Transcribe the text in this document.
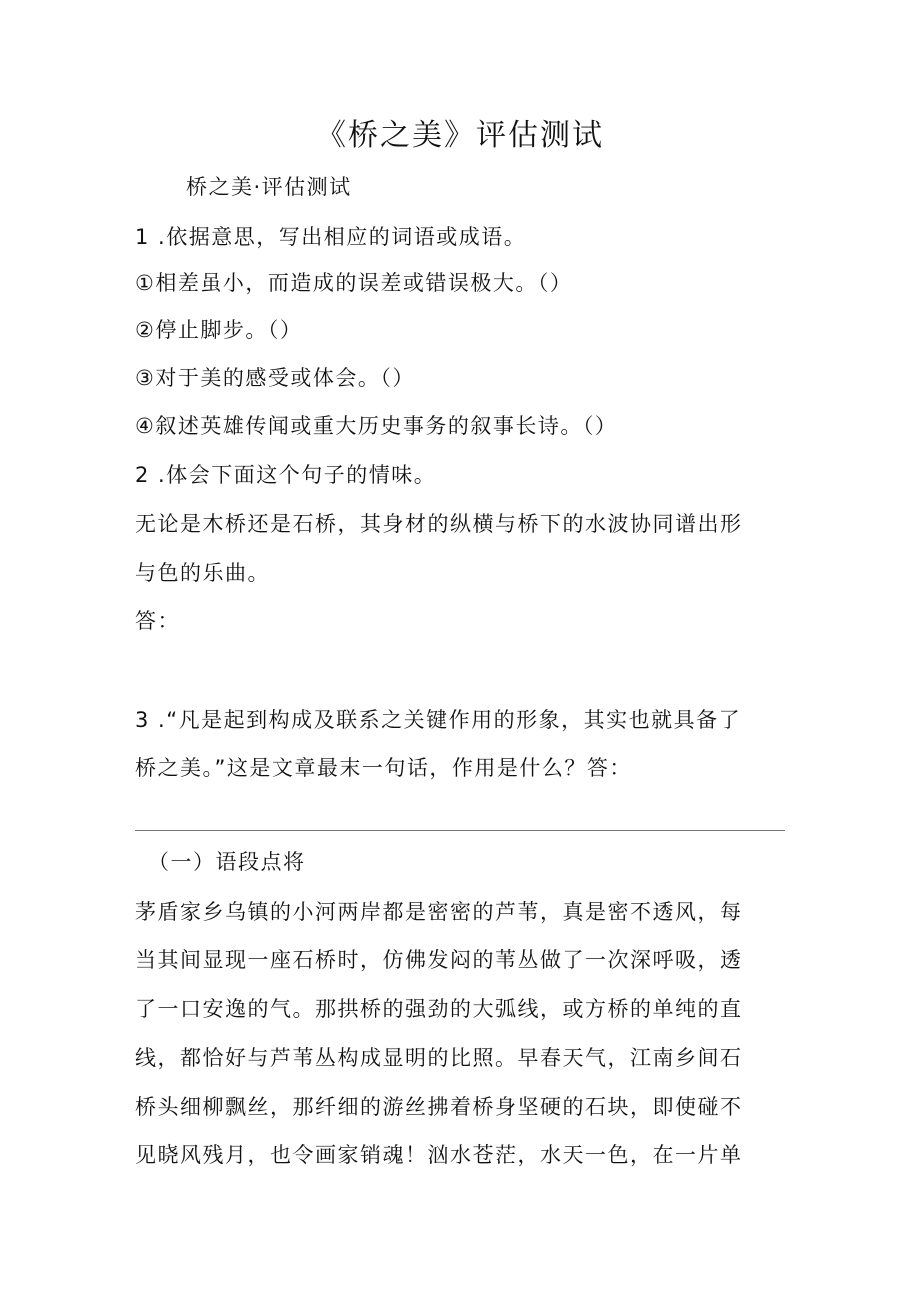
《桥之美》评估测试
桥之美·评估测试
1 .依据意思，写出相应的词语或成语。
①相差虽小，而造成的误差或错误极大。（）
②停止脚步。（）
③对于美的感受或体会。（）
④叙述英雄传闻或重大历史事务的叙事长诗。（）
2 .体会下面这个句子的情味。
无论是木桥还是石桥，其身材的纵横与桥下的水波协同谱出形
与色的乐曲。
答：
3 .“凡是起到构成及联系之关键作用的形象，其实也就具备了
桥之美。”这是文章最末一句话，作用是什么？答：
（一）语段点将
茅盾家乡乌镇的小河两岸都是密密的芦苇，真是密不透风，每
当其间显现一座石桥时，仿佛发闷的苇丛做了一次深呼吸，透
了一口安逸的气。那拱桥的强劲的大弧线，或方桥的单纯的直
线，都恰好与芦苇丛构成显明的比照。早春天气，江南乡间石
桥头细柳飘丝，那纤细的游丝拂着桥身坚硬的石块，即使碰不
见晓风残月，也令画家销魂！汹水苍茫，水天一色，在一片单
